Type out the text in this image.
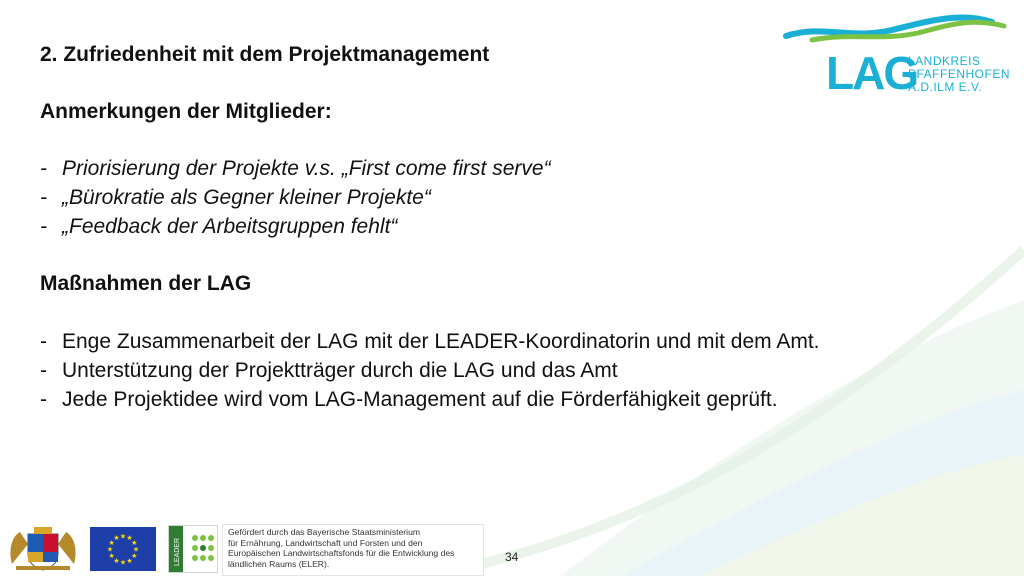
2. Zufriedenheit mit dem Projektmanagement

Anmerkungen der Mitglieder:

- Priorisierung der Projekte v.s. „First come first serve“

- „Bürokratie als Gegner kleiner Projekte“

- „Feedback der Arbeitsgruppen fehlt“

Maßnahmen der LAG

- Enge Zusammenarbeit der LAG mit der LEADER-Koordinatorin und mit dem Amt.

- Unterstützung der Projektträger durch die LAG und das Amt

- Jede Projektidee wird vom LAG-Management auf die Förderfähigkeit geprüft.

LAG
LANDKREIS
PFAFFENHOFEN
A.D.ILM E.V.
★
★
★
★
★
★
★
★
★ ★ ★
★	LEADER
Gefördert durch das Bayerische Staatsministerium
für Ernährung, Landwirtschaft und Forsten und den
Europäischen Landwirtschaftsfonds für die Entwicklung des
ländlichen Raums (ELER).	34
